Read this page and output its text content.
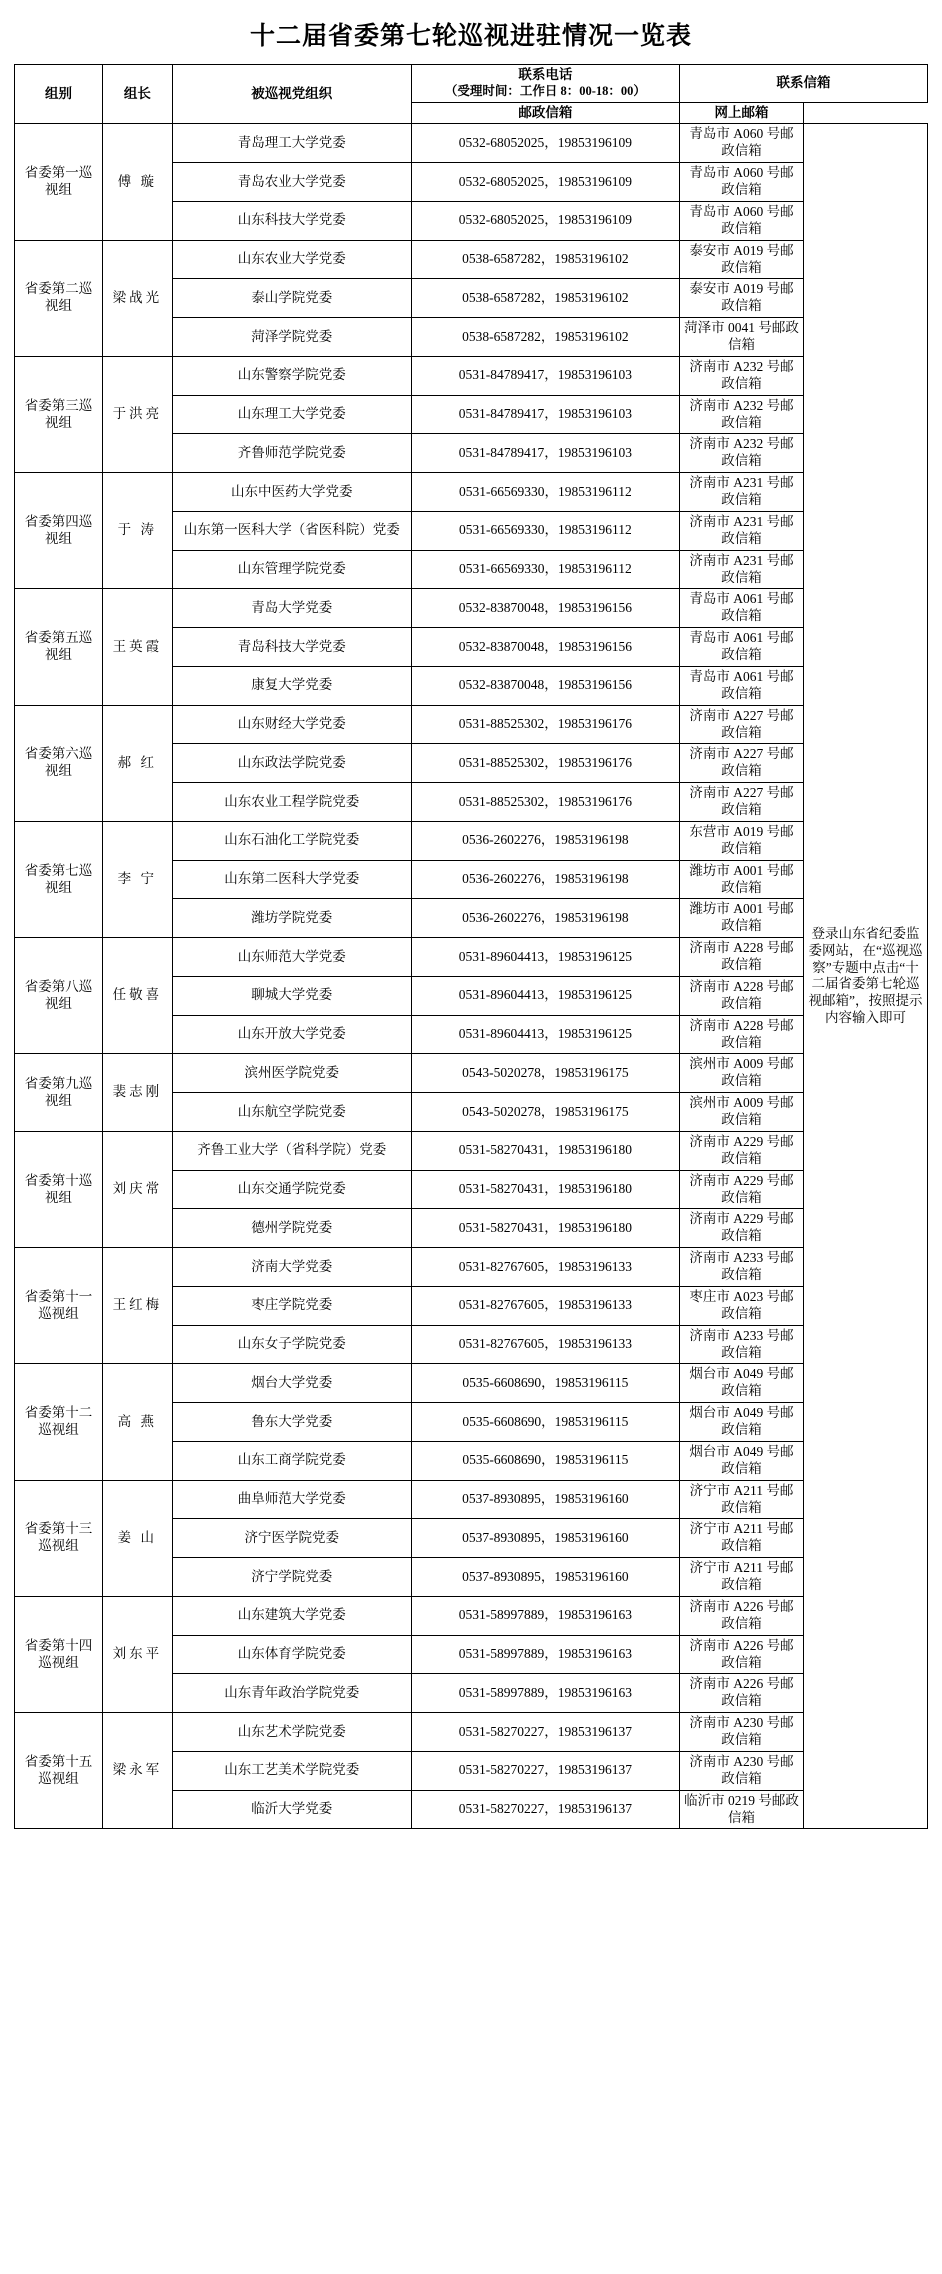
十二届省委第七轮巡视进驻情况一览表
组别	组长	被巡视党组织	联系电话
（受理时间：工作日 8：00-18：00）	联系信箱	
			邮政信箱	网上邮箱	
省委第一巡视组	傅 璇	青岛理工大学党委	0532-68052025，19853196109	青岛市 A060 号邮政信箱	登录山东省纪委监委网站，在“巡视巡察”专题中点击“十二届省委第七轮巡视邮箱”，按照提示内容输入即可
		青岛农业大学党委	0532-68052025，19853196109	青岛市 A060 号邮政信箱	
		山东科技大学党委	0532-68052025，19853196109	青岛市 A060 号邮政信箱	
省委第二巡视组	梁战光	山东农业大学党委	0538-6587282，19853196102	泰安市 A019 号邮政信箱	
		泰山学院党委	0538-6587282，19853196102	泰安市 A019 号邮政信箱	
		菏泽学院党委	0538-6587282，19853196102	菏泽市 0041 号邮政信箱	
省委第三巡视组	于洪亮	山东警察学院党委	0531-84789417，19853196103	济南市 A232 号邮政信箱	
		山东理工大学党委	0531-84789417，19853196103	济南市 A232 号邮政信箱	
		齐鲁师范学院党委	0531-84789417，19853196103	济南市 A232 号邮政信箱	
省委第四巡视组	于 涛	山东中医药大学党委	0531-66569330，19853196112	济南市 A231 号邮政信箱	
		山东第一医科大学（省医科院）党委	0531-66569330，19853196112	济南市 A231 号邮政信箱	
		山东管理学院党委	0531-66569330，19853196112	济南市 A231 号邮政信箱	
省委第五巡视组	王英霞	青岛大学党委	0532-83870048，19853196156	青岛市 A061 号邮政信箱	
		青岛科技大学党委	0532-83870048，19853196156	青岛市 A061 号邮政信箱	
		康复大学党委	0532-83870048，19853196156	青岛市 A061 号邮政信箱	
省委第六巡视组	郝 红	山东财经大学党委	0531-88525302，19853196176	济南市 A227 号邮政信箱	
		山东政法学院党委	0531-88525302，19853196176	济南市 A227 号邮政信箱	
		山东农业工程学院党委	0531-88525302，19853196176	济南市 A227 号邮政信箱	
省委第七巡视组	李 宁	山东石油化工学院党委	0536-2602276，19853196198	东营市 A019 号邮政信箱	
		山东第二医科大学党委	0536-2602276，19853196198	潍坊市 A001 号邮政信箱	
		潍坊学院党委	0536-2602276，19853196198	潍坊市 A001 号邮政信箱	
省委第八巡视组	任敬喜	山东师范大学党委	0531-89604413，19853196125	济南市 A228 号邮政信箱	
		聊城大学党委	0531-89604413，19853196125	济南市 A228 号邮政信箱	
		山东开放大学党委	0531-89604413，19853196125	济南市 A228 号邮政信箱	
省委第九巡视组	裴志刚	滨州医学院党委	0543-5020278，19853196175	滨州市 A009 号邮政信箱	
		山东航空学院党委	0543-5020278，19853196175	滨州市 A009 号邮政信箱	
省委第十巡视组	刘庆常	齐鲁工业大学（省科学院）党委	0531-58270431，19853196180	济南市 A229 号邮政信箱	
		山东交通学院党委	0531-58270431，19853196180	济南市 A229 号邮政信箱	
		德州学院党委	0531-58270431，19853196180	济南市 A229 号邮政信箱	
省委第十一巡视组	王红梅	济南大学党委	0531-82767605，19853196133	济南市 A233 号邮政信箱	
		枣庄学院党委	0531-82767605，19853196133	枣庄市 A023 号邮政信箱	
		山东女子学院党委	0531-82767605，19853196133	济南市 A233 号邮政信箱	
省委第十二巡视组	高 燕	烟台大学党委	0535-6608690，19853196115	烟台市 A049 号邮政信箱	
		鲁东大学党委	0535-6608690，19853196115	烟台市 A049 号邮政信箱	
		山东工商学院党委	0535-6608690，19853196115	烟台市 A049 号邮政信箱	
省委第十三巡视组	姜 山	曲阜师范大学党委	0537-8930895，19853196160	济宁市 A211 号邮政信箱	
		济宁医学院党委	0537-8930895，19853196160	济宁市 A211 号邮政信箱	
		济宁学院党委	0537-8930895，19853196160	济宁市 A211 号邮政信箱	
省委第十四巡视组	刘东平	山东建筑大学党委	0531-58997889，19853196163	济南市 A226 号邮政信箱	
		山东体育学院党委	0531-58997889，19853196163	济南市 A226 号邮政信箱	
		山东青年政治学院党委	0531-58997889，19853196163	济南市 A226 号邮政信箱	
省委第十五巡视组	梁永军	山东艺术学院党委	0531-58270227，19853196137	济南市 A230 号邮政信箱	
		山东工艺美术学院党委	0531-58270227，19853196137	济南市 A230 号邮政信箱	
		临沂大学党委	0531-58270227，19853196137	临沂市 0219 号邮政信箱	
